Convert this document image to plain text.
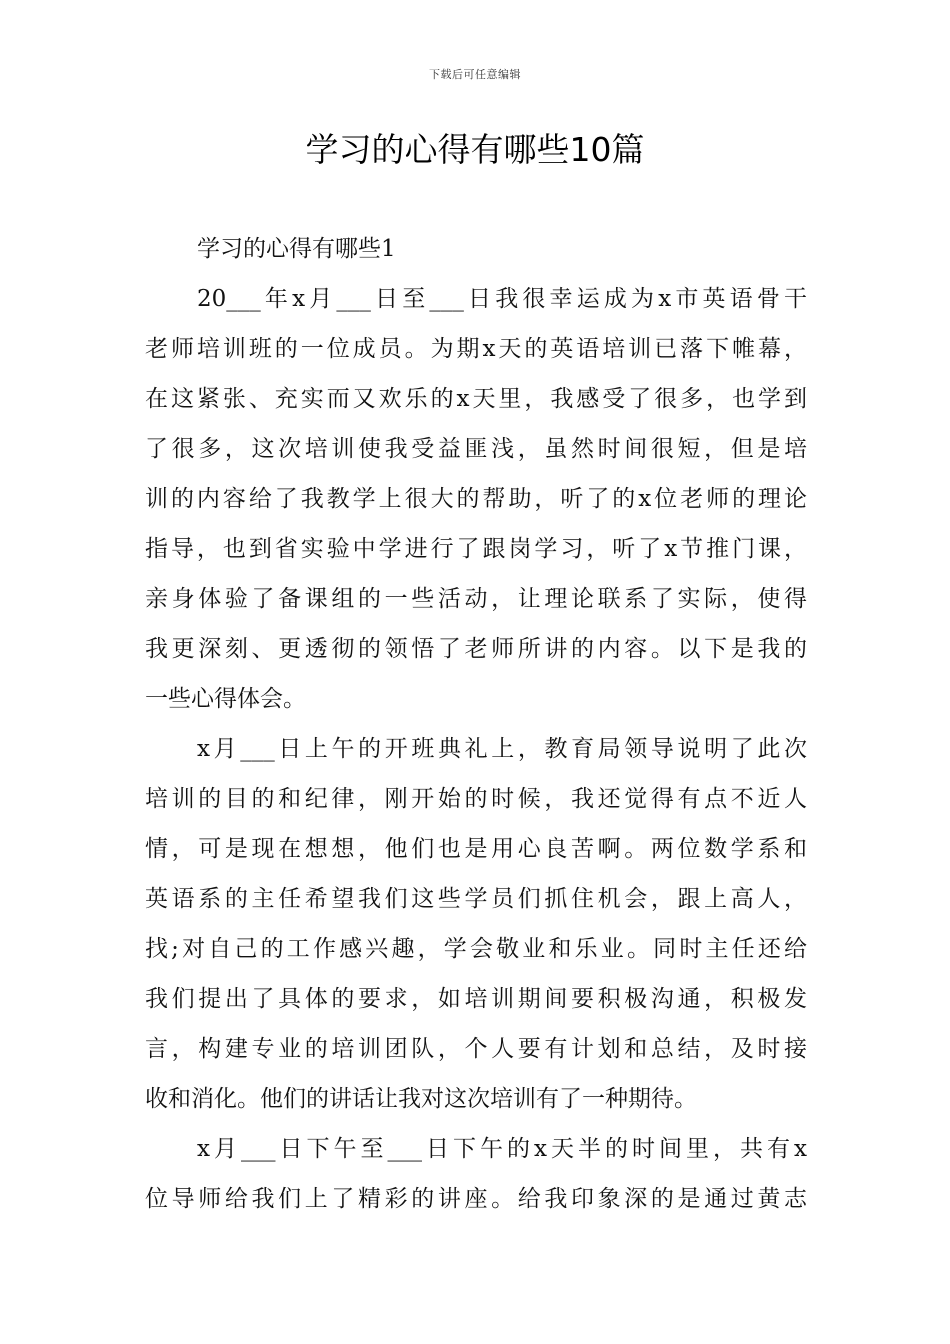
下载后可任意编辑
学习的心得有哪些10篇

学习的心得有哪些1

20___年x月___日至___日我很幸运成为x市英语骨干
老师培训班的一位成员。为期x天的英语培训已落下帷幕，
在这紧张、充实而又欢乐的x天里，我感受了很多，也学到
了很多，这次培训使我受益匪浅，虽然时间很短，但是培
训的内容给了我教学上很大的帮助，听了的x位老师的理论
指导，也到省实验中学进行了跟岗学习，听了x节推门课，
亲身体验了备课组的一些活动，让理论联系了实际，使得
我更深刻、更透彻的领悟了老师所讲的内容。以下是我的
一些心得体会。

x月___日上午的开班典礼上，教育局领导说明了此次
培训的目的和纪律，刚开始的时候，我还觉得有点不近人
情，可是现在想想，他们也是用心良苦啊。两位数学系和
英语系的主任希望我们这些学员们抓住机会，跟上高人，
找;对自己的工作感兴趣，学会敬业和乐业。同时主任还给
我们提出了具体的要求，如培训期间要积极沟通，积极发
言，构建专业的培训团队，个人要有计划和总结，及时接
收和消化。他们的讲话让我对这次培训有了一种期待。

x月___日下午至___日下午的x天半的时间里，共有x
位导师给我们上了精彩的讲座。给我印象深的是通过黄志
